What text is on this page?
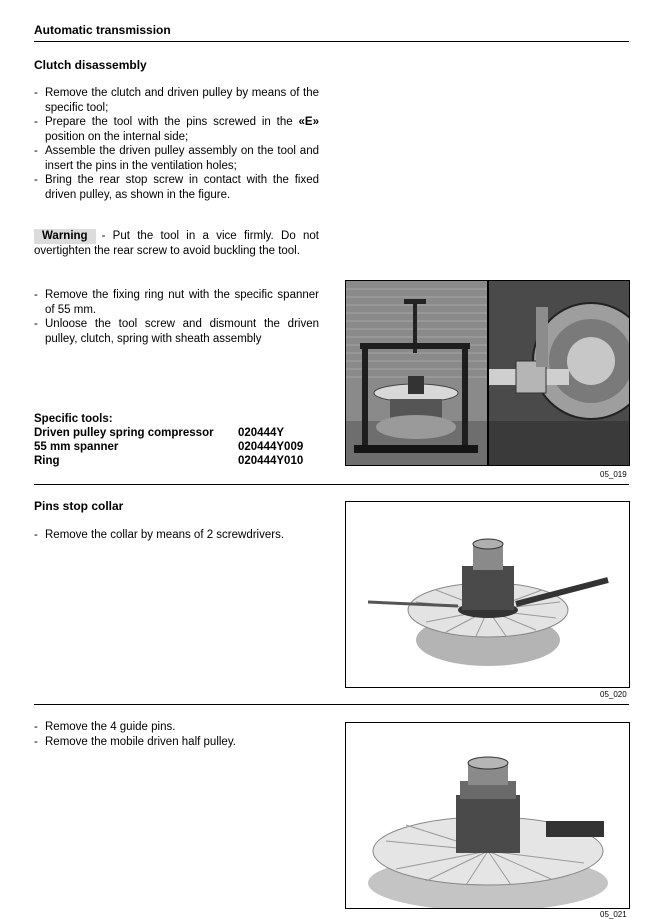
Automatic transmission
Clutch disassembly
- Remove the clutch and driven pulley by means of the specific tool;
- Prepare the tool with the pins screwed in the «E» position on the internal side;
- Assemble the driven pulley assembly on the tool and insert the pins in the ventilation holes;
- Bring the rear stop screw in contact with the fixed driven pulley, as shown in the figure.
Warning - Put the tool in a vice firmly. Do not overtighten the rear screw to avoid buckling the tool.
- Remove the fixing ring nut with the specific spanner of 55 mm.
- Unloose the tool screw and dismount the driven pulley, clutch, spring with sheath assembly
Specific tools:
Driven pulley spring compressor	020444Y
55 mm spanner	020444Y009
Ring	020444Y010
05_019
Pins stop collar
- Remove the collar by means of 2 screwdrivers.
05_020
- Remove the 4 guide pins.
- Remove the mobile driven half pulley.
05_021
